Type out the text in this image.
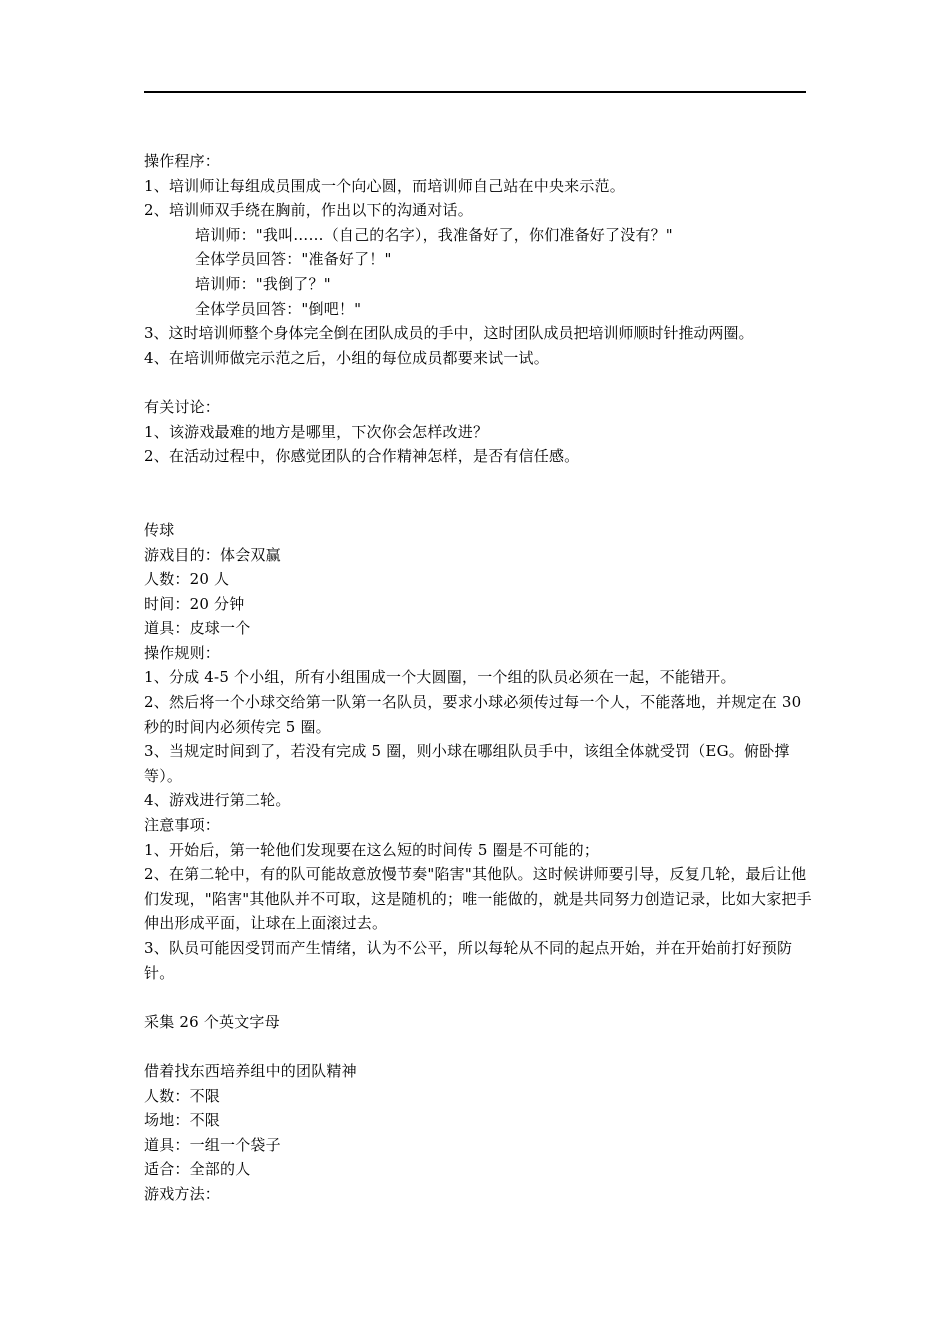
操作程序：

1、培训师让每组成员围成一个向心圆，而培训师自己站在中央来示范。

2、培训师双手绕在胸前，作出以下的沟通对话。

培训师："我叫……（自己的名字），我准备好了，你们准备好了没有？"

全体学员回答："准备好了！"

培训师："我倒了？"

全体学员回答："倒吧！"

3、这时培训师整个身体完全倒在团队成员的手中，这时团队成员把培训师顺时针推动两圈。

4、在培训师做完示范之后，小组的每位成员都要来试一试。

有关讨论：

1、该游戏最难的地方是哪里，下次你会怎样改进？

2、在活动过程中，你感觉团队的合作精神怎样，是否有信任感。

传球

游戏目的：体会双赢

人数：20 人

时间：20 分钟

道具：皮球一个

操作规则：

1、分成 4-5 个小组，所有小组围成一个大圆圈，一个组的队员必须在一起，不能错开。

2、然后将一个小球交给第一队第一名队员，要求小球必须传过每一个人，不能落地，并规定在 30 秒的时间内必须传完 5 圈。

3、当规定时间到了，若没有完成 5 圈，则小球在哪组队员手中，该组全体就受罚（EG。俯卧撑等）。

4、游戏进行第二轮。

注意事项：

1、开始后，第一轮他们发现要在这么短的时间传 5 圈是不可能的；

2、在第二轮中，有的队可能故意放慢节奏"陷害"其他队。这时候讲师要引导，反复几轮，最后让他们发现，"陷害"其他队并不可取，这是随机的；唯一能做的，就是共同努力创造记录，比如大家把手伸出形成平面，让球在上面滚过去。

3、队员可能因受罚而产生情绪，认为不公平，所以每轮从不同的起点开始，并在开始前打好预防针。

采集 26 个英文字母

借着找东西培养组中的团队精神

人数：不限

场地：不限

道具：一组一个袋子

适合：全部的人

游戏方法：
